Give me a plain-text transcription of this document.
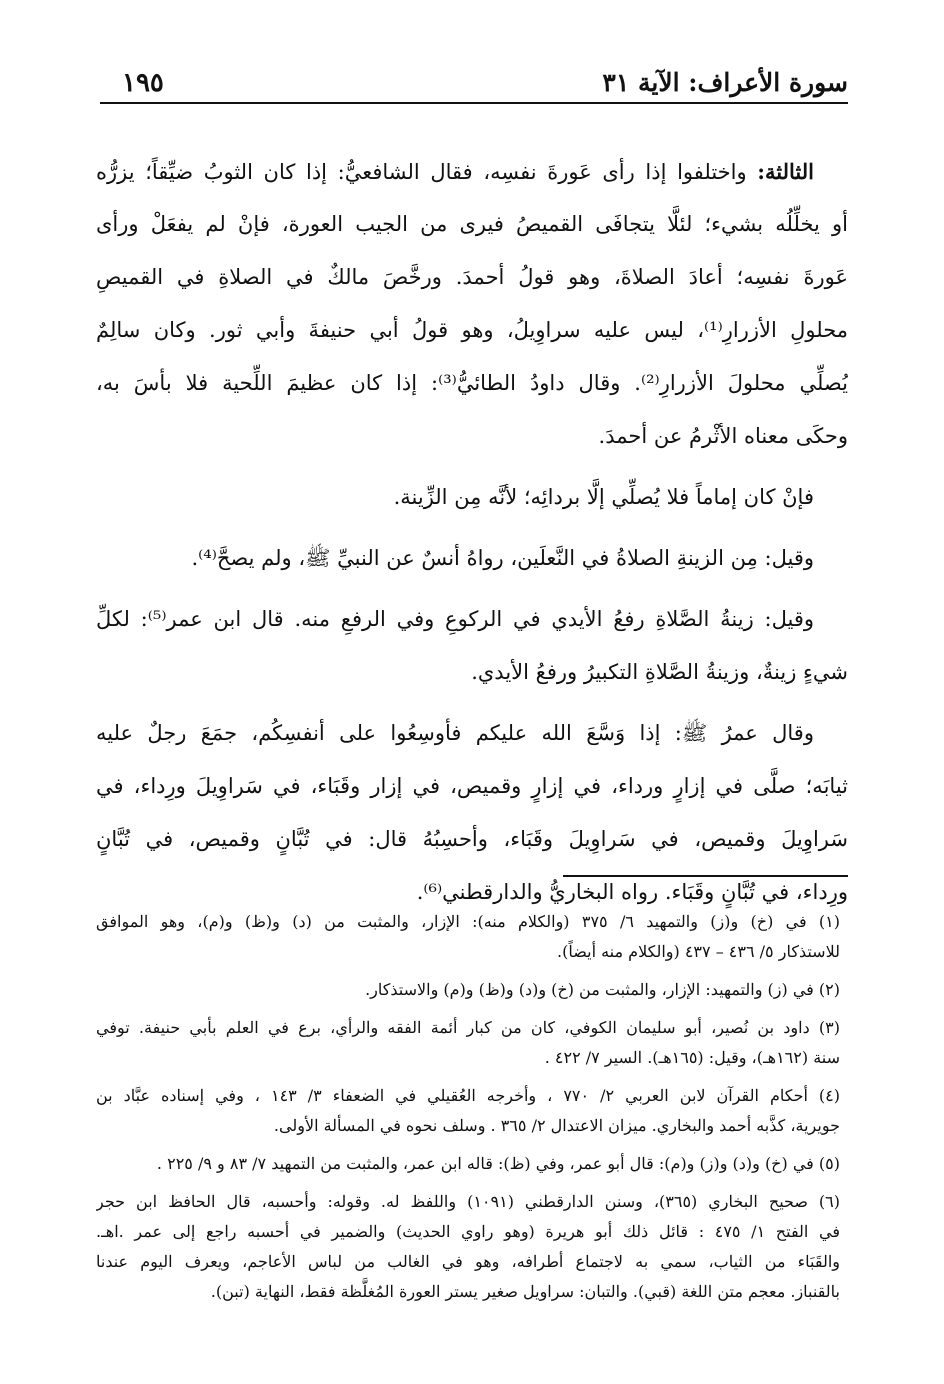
سورة الأعراف: الآية ٣١
١٩٥
الثالثة: واختلفوا إذا رأى عَورةَ نفسِه، فقال الشافعيُّ: إذا كان الثوبُ ضيِّقاً؛ يزرُّه
أو يخلِّلُه بشيء؛ لئلَّا يتجافَى القميصُ فيرى من الجيب العورة، فإنْ لم يفعَلْ ورأى
عَورةَ نفسِه؛ أعادَ الصلاةَ، وهو قولُ أحمدَ. ورخَّصَ مالكٌ في الصلاةِ في القميصِ
محلولِ الأزرارِ⁽¹⁾، ليس عليه سراوِيلُ، وهو قولُ أبي حنيفةَ وأبي ثور. وكان سالِمٌ
يُصلِّي محلولَ الأزرارِ⁽²⁾. وقال داودُ الطائيُّ⁽³⁾: إذا كان عظيمَ اللِّحية فلا بأسَ به،
وحكَى معناه الأثْرمُ عن أحمدَ.
فإنْ كان إماماً فلا يُصلِّي إلَّا بردائِه؛ لأنَّه مِن الزِّينة.
وقيل: مِن الزينةِ الصلاةُ في النَّعلَين، رواهُ أنسٌ عن النبيِّ ﷺ، ولم يصحَّ⁽⁴⁾.
وقيل: زينةُ الصَّلاةِ رفعُ الأيدي في الركوعِ وفي الرفعِ منه. قال ابن عمر⁽⁵⁾: لكلِّ
شيءٍ زينةٌ، وزينةُ الصَّلاةِ التكبيرُ ورفعُ الأيدي.
وقال عمرُ ﷺ: إذا وَسَّعَ الله عليكم فأوسِعُوا على أنفسِكُم، جمَعَ رجلٌ عليه
ثيابَه؛ صلَّى في إزارٍ ورداء، في إزارٍ وقميص، في إزار وقَبَاء، في سَراوِيلَ ورِداء، في
سَراوِيلَ وقميص، في سَراوِيلَ وقَبَاء، وأحسِبُهُ قال: في تُبَّانٍ وقميص، في تُبَّانٍ
ورِداء، في تُبَّانٍ وقَبَاء. رواه البخاريُّ والدارقطني⁽⁶⁾.
(١) في (خ) و(ز) والتمهيد ٦/ ٣٧٥ (والكلام منه): الإزار، والمثبت من (د) و(ظ) و(م)، وهو الموافق
للاستذكار ٥/ ٤٣٦ – ٤٣٧ (والكلام منه أيضاً).
(٢) في (ز) والتمهيد: الإزار، والمثبت من (خ) و(د) و(ظ) و(م) والاستذكار.
(٣) داود بن نُصير، أبو سليمان الكوفي، كان من كبار أئمة الفقه والرأي، برع في العلم بأبي حنيفة. توفي
سنة (١٦٢هـ)، وقيل: (١٦٥هـ). السير ٧/ ٤٢٢ .
(٤) أحكام القرآن لابن العربي ٢/ ٧٧٠ ، وأخرجه العُقيلي في الضعفاء ٣/ ١٤٣ ، وفي إسناده عبَّاد بن
جويرية، كذَّبه أحمد والبخاري. ميزان الاعتدال ٢/ ٣٦٥ . وسلف نحوه في المسألة الأولى.
(٥) في (خ) و(د) و(ز) و(م): قال أبو عمر، وفي (ظ): قاله ابن عمر، والمثبت من التمهيد ٧/ ٨٣ و ٩/ ٢٢٥ .
(٦) صحيح البخاري (٣٦٥)، وسنن الدارقطني (١٠٩١) واللفظ له. وقوله: وأحسبه، قال الحافظ ابن حجر
في الفتح ١/ ٤٧٥ : قائل ذلك أبو هريرة (وهو راوي الحديث) والضمير في أحسبه راجع إلى عمر .اهـ.
والقَبَاء من الثياب، سمي به لاجتماع أطرافه، وهو في الغالب من لباس الأعاجم، ويعرف اليوم عندنا
بالقنباز. معجم متن اللغة (قبي). والتبان: سراويل صغير يستر العورة المُغلَّظة فقط، النهاية (تبن).
